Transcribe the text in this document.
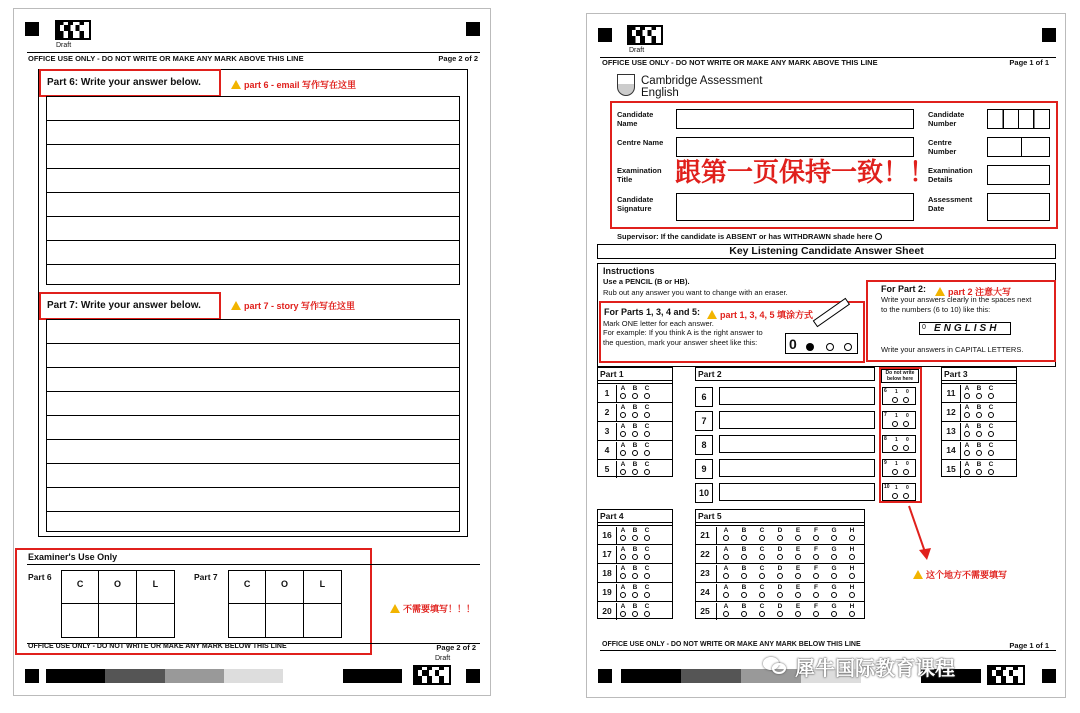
Draft
OFFICE USE ONLY - DO NOT WRITE OR MAKE ANY MARK ABOVE THIS LINE	Page 2 of 2
Part 6: Write your answer below.	part 6 - email 写作写在这里
Part 7: Write your answer below.	part 7 - story 写作写在这里
Examiner's Use Only
Part 6
C	O	L
Part 7
C	O	L
不需要填写！！！
OFFICE USE ONLY - DO NOT WRITE OR MAKE ANY MARK BELOW THIS LINE	Page 2 of 2
Draft
Draft
OFFICE USE ONLY - DO NOT WRITE OR MAKE ANY MARK ABOVE THIS LINE	Page 1 of 1
Cambridge Assessment
English
Candidate Name
Centre Name
Examination Title
Candidate Signature
Candidate Number
Centre Number
Examination Details
Assessment Date
跟第一页保持一致！！
Supervisor: If the candidate is ABSENT or has WITHDRAWN shade here
Key Listening Candidate Answer Sheet
Instructions
Use a PENCIL (B or HB).
Rub out any answer you want to change with an eraser.
For Parts 1, 3, 4 and 5:	part 1, 3, 4, 5 填涂方式
Mark ONE letter for each answer.
For example: If you think A is the right answer to
the question, mark your answer sheet like this: 0
For Part 2:	part 2 注意大写
Write your answers clearly in the spaces next
to the numbers (6 to 10) like this:
0 ENGLISH
Write your answers in CAPITAL LETTERS.
Part 1
1	A	B	C
2	A	B	C
3	A	B	C
4	A	B	C
5	A	B	C
Part 2
6
7
8
9
10
Do not write below here
6 1 0
7 1 0
8 1 0
9 1 0
10 1 0
这个地方不需要填写
Part 3
11	A	B	C
12	A	B	C
13	A	B	C
14	A	B	C
15	A	B	C
Part 4
16	A	B	C
17	A	B	C
18	A	B	C
19	A	B	C
20	A	B	C
Part 5
21	A	B	C	D	E	F	G	H
22	A	B	C	D	E	F	G	H
23	A	B	C	D	E	F	G	H
24	A	B	C	D	E	F	G	H
25	A	B	C	D	E	F	G	H
OFFICE USE ONLY - DO NOT WRITE OR MAKE ANY MARK BELOW THIS LINE	Page 1 of 1
犀牛国际教育课程
